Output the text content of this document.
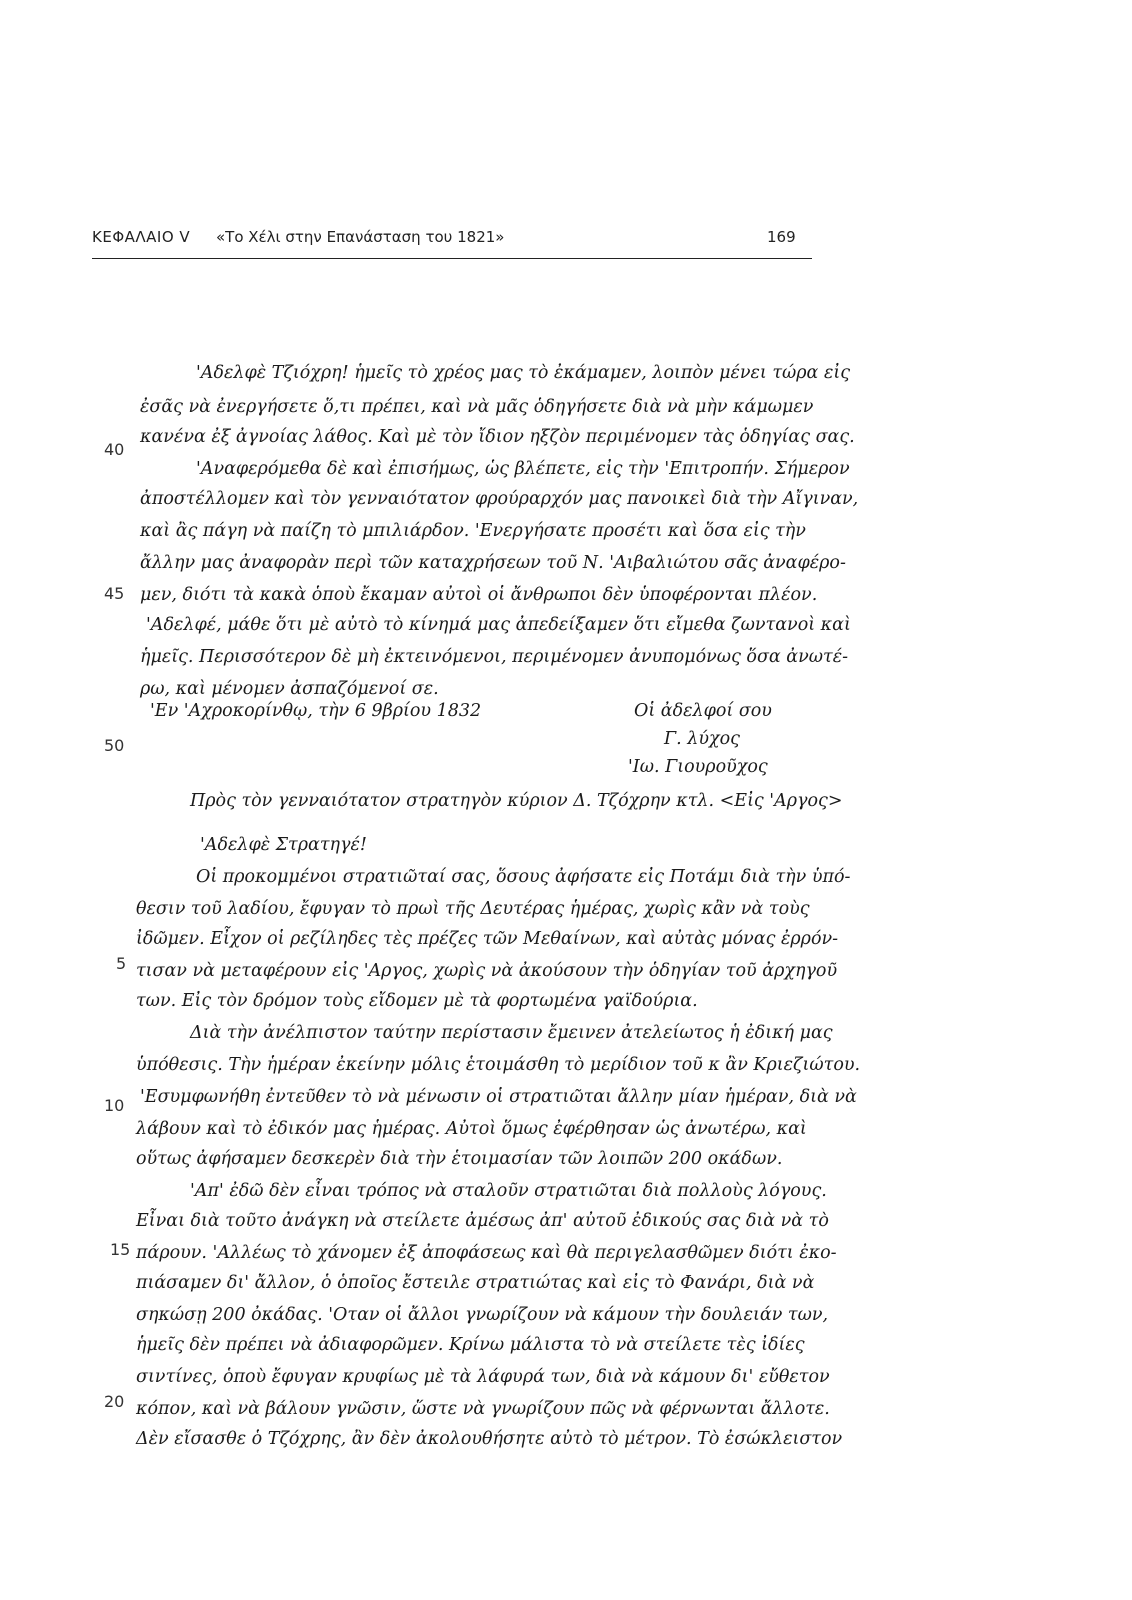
ΚΕΦΑΛΑΙΟ V «Το Χέλι στην Επανάσταση του 1821»	169
'Αδελφὲ Τζιόχρη! ἡμεῖς τὸ χρέος μας τὸ ἐκάμαμεν, λοιπὸν μένει τώρα εἰς
ἐσᾶς νὰ ἐνεργήσετε ὅ,τι πρέπει, καὶ νὰ μᾶς ὁδηγήσετε διὰ νὰ μὴν κάμωμεν
κανένα ἐξ ἀγνοίας λάθος. Καὶ μὲ τὸν ἴδιον ηξζὸν περιμένομεν τὰς ὁδηγίας σας.
'Αναφερόμεθα δὲ καὶ ἐπισήμως, ὡς βλέπετε, εἰς τὴν 'Επιτροπήν. Σήμερον
ἀποστέλλομεν καὶ τὸν γενναιότατον φρούραρχόν μας πανοικεὶ διὰ τὴν Αἴγιναν,
καὶ ἂς πάγη νὰ παίζη τὸ μπιλιάρδον. 'Ενεργήσατε προσέτι καὶ ὅσα εἰς τὴν
ἄλλην μας ἀναφορὰν περὶ τῶν καταχρήσεων τοῦ Ν. 'Αιβαλιώτου σᾶς ἀναφέρο-
μεν, διότι τὰ κακὰ ὁποὺ ἔκαμαν αὐτοὶ οἱ ἄνθρωποι δὲν ὑποφέρονται πλέον.
'Αδελφέ, μάθε ὅτι μὲ αὐτὸ τὸ κίνημά μας ἀπεδείξαμεν ὅτι εἴμεθα ζωντανοὶ καὶ
ἡμεῖς. Περισσότερον δὲ μὴ ἐκτεινόμενοι, περιμένομεν ἀνυπομόνως ὅσα ἀνωτέ-
ρω, καὶ μένομεν ἀσπαζόμενοί σε.
'Εν 'Αχροκορίνθῳ, τὴν 6 9βρίου 1832	Οἱ ἀδελφοί σου
Γ. λύχος
'Ιω. Γιουροῦχος
Πρὸς τὸν γενναιότατον στρατηγὸν κύριον Δ. Τζόχρην κτλ. <Εἰς 'Αργος>
'Αδελφὲ Στρατηγέ!
Οἱ προκομμένοι στρατιῶταί σας, ὅσους ἀφήσατε εἰς Ποτάμι διὰ τὴν ὑπό-
θεσιν τοῦ λαδίου, ἔφυγαν τὸ πρωὶ τῆς Δευτέρας ἡμέρας, χωρὶς κἂν νὰ τοὺς
ἰδῶμεν. Εἶχον οἱ ρεζίληδες τὲς πρέζες τῶν Μεθαίνων, καὶ αὐτὰς μόνας ἐρρόν-
τισαν νὰ μεταφέρουν εἰς 'Αργος, χωρὶς νὰ ἀκούσουν τὴν ὁδηγίαν τοῦ ἀρχηγοῦ
των. Εἰς τὸν δρόμον τοὺς εἴδομεν μὲ τὰ φορτωμένα γαϊδούρια.
Διὰ τὴν ἀνέλπιστον ταύτην περίστασιν ἔμεινεν ἀτελείωτος ἡ ἐδική μας
ὑπόθεσις. Τὴν ἡμέραν ἐκείνην μόλις ἑτοιμάσθη τὸ μερίδιον τοῦ κ ἂν Κριεζιώτου.
'Εσυμφωνήθη ἐντεῦθεν τὸ νὰ μένωσιν οἱ στρατιῶται ἄλλην μίαν ἡμέραν, διὰ νὰ
λάβουν καὶ τὸ ἐδικόν μας ἡμέρας. Αὐτοὶ ὅμως ἐφέρθησαν ὡς ἀνωτέρω, καὶ
οὕτως ἀφήσαμεν δεσκερὲν διὰ τὴν ἑτοιμασίαν τῶν λοιπῶν 200 οκάδων.
'Απ' ἐδῶ δὲν εἶναι τρόπος νὰ σταλοῦν στρατιῶται διὰ πολλοὺς λόγους.
Εἶναι διὰ τοῦτο ἀνάγκη νὰ στείλετε ἀμέσως ἀπ' αὐτοῦ ἐδικούς σας διὰ νὰ τὸ
πάρουν. 'Αλλέως τὸ χάνομεν ἐξ ἀποφάσεως καὶ θὰ περιγελασθῶμεν διότι ἐκο-
πιάσαμεν δι' ἄλλον, ὁ ὁποῖος ἔστειλε στρατιώτας καὶ εἰς τὸ Φανάρι, διὰ νὰ
σηκώσῃ 200 ὀκάδας. 'Οταν οἱ ἄλλοι γνωρίζουν νὰ κάμουν τὴν δουλειάν των,
ἡμεῖς δὲν πρέπει νὰ ἀδιαφορῶμεν. Κρίνω μάλιστα τὸ νὰ στείλετε τὲς ἰδίες
σιντίνες, ὁποὺ ἔφυγαν κρυφίως μὲ τὰ λάφυρά των, διὰ νὰ κάμουν δι' εὔθετον
κόπον, καὶ νὰ βάλουν γνῶσιν, ὥστε νὰ γνωρίζουν πῶς νὰ φέρνωνται ἄλλοτε.
Δὲν εἴσασθε ὁ Τζόχρης, ἂν δὲν ἀκολουθήσητε αὐτὸ τὸ μέτρον. Τὸ ἐσώκλειστον
40
45
50
5
10
15
20
